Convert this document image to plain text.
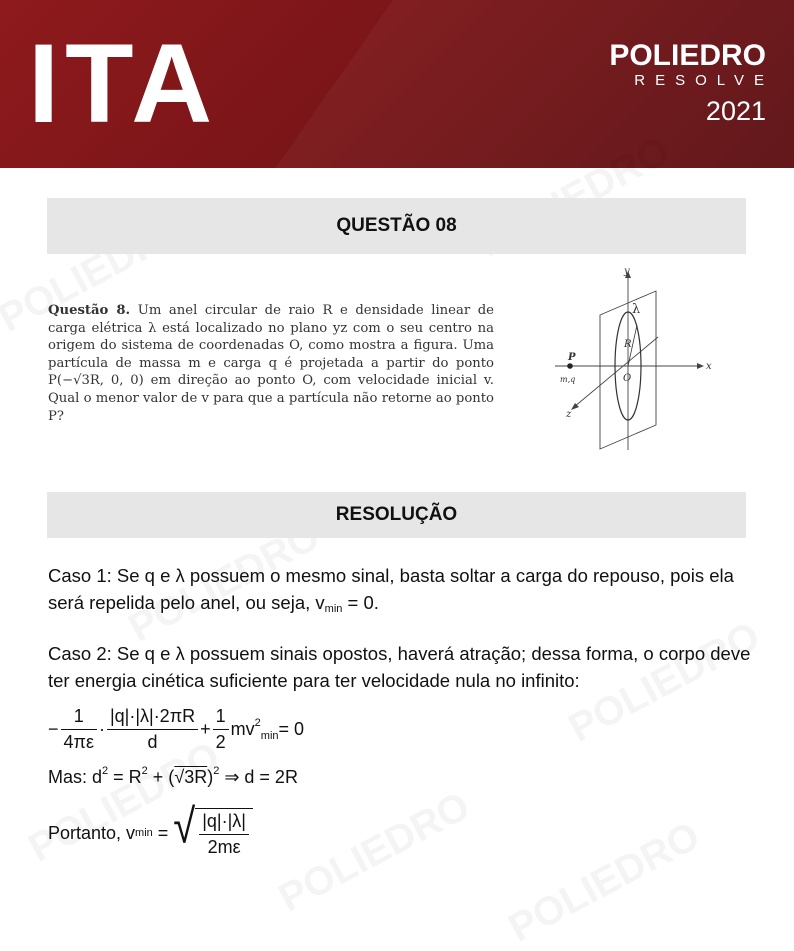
ITA	POLIEDRO
RESOLVE
2021
QUESTÃO 08
Questão 8. Um anel circular de raio R e densidade linear de carga elétrica λ está localizado no plano yz com o seu centro na origem do sistema de coordenadas O, como mostra a figura. Uma partícula de massa m e carga q é projetada a partir do ponto P(−√3R, 0, 0) em direção ao ponto O, com velocidade inicial v. Qual o menor valor de v para que a partícula não retorne ao ponto P?
y
x
z
R
λ
O
P
m,q
RESOLUÇÃO
Caso 1: Se q e λ possuem o mesmo sinal, basta soltar a carga do repouso, pois ela será repelida pelo anel, ou seja, $v_{min} = 0$.
Caso 2: Se q e λ possuem sinais opostos, haverá atração; dessa forma, o corpo deve ter energia cinética suficiente para ter velocidade nula no infinito:
− $\frac{1}{4\pi\varepsilon} \cdot \frac{|q|\cdot|\lambda|\cdot 2\pi R}{d} + \frac{1}{2} mv^2_{min} = 0$
Mas: $d^2 = R^2 + (√3R)^2$ ⇒ d = 2R
Portanto, v min = √ $\frac{|q|\cdot|\lambda|}{2m\varepsilon}$
